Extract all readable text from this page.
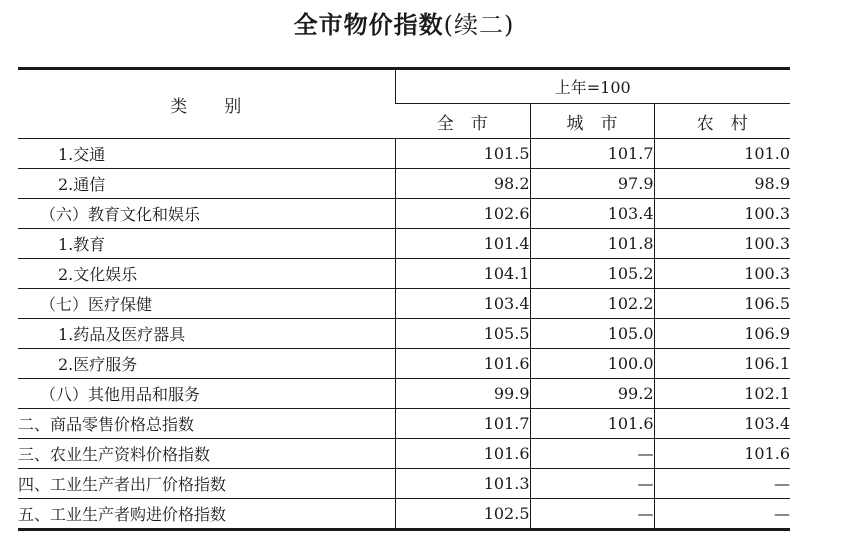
全市物价指数(续二)
类　　别	上年=100		
	全　市	城　市	农　村
1.交通	101.5	101.7	101.0
2.通信	98.2	97.9	98.9
（六）教育文化和娱乐	102.6	103.4	100.3
1.教育	101.4	101.8	100.3
2.文化娱乐	104.1	105.2	100.3
（七）医疗保健	103.4	102.2	106.5
1.药品及医疗器具	105.5	105.0	106.9
2.医疗服务	101.6	100.0	106.1
（八）其他用品和服务	99.9	99.2	102.1
二、商品零售价格总指数	101.7	101.6	103.4
三、农业生产资料价格指数	101.6	—	101.6
四、工业生产者出厂价格指数	101.3	—	—
五、工业生产者购进价格指数	102.5	—	—
